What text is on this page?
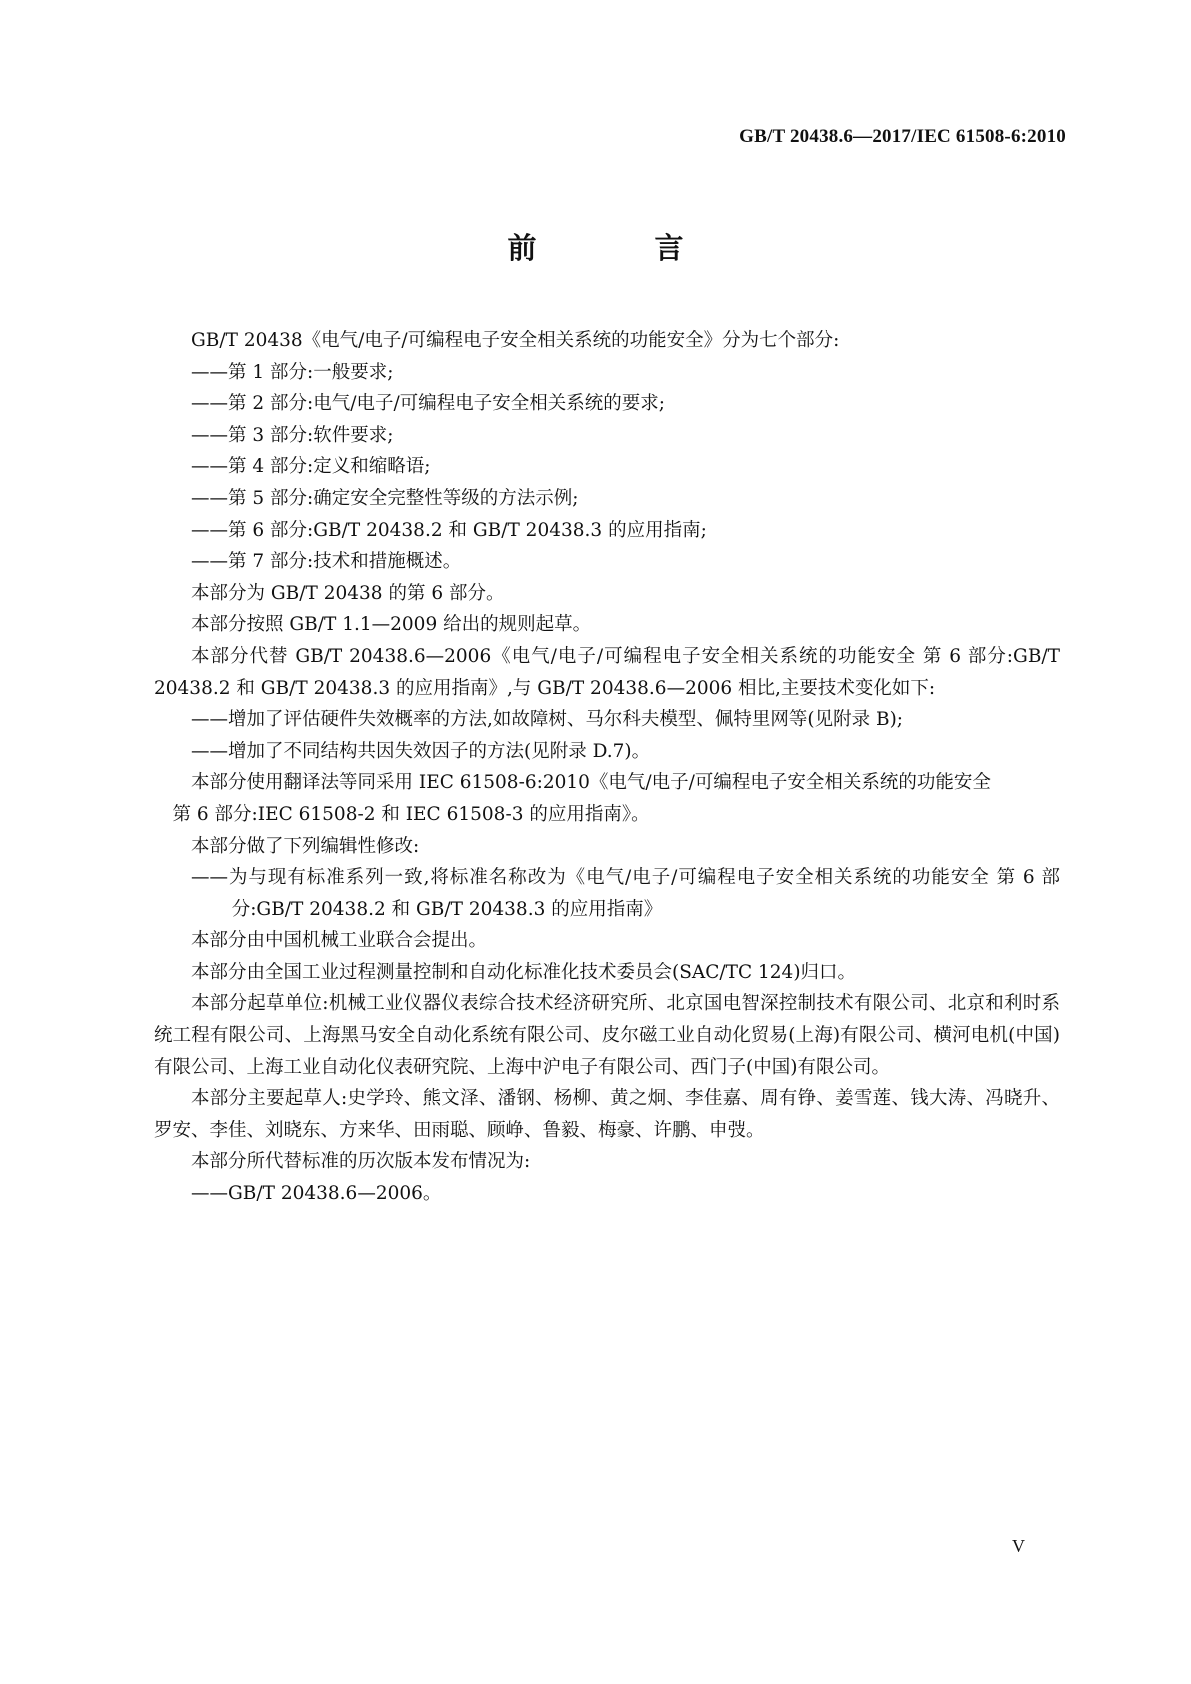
GB/T 20438.6—2017/IEC 61508-6:2010
前 言

GB/T 20438《电气/电子/可编程电子安全相关系统的功能安全》分为七个部分:

——第 1 部分:一般要求;

——第 2 部分:电气/电子/可编程电子安全相关系统的要求;

——第 3 部分:软件要求;

——第 4 部分:定义和缩略语;

——第 5 部分:确定安全完整性等级的方法示例;

——第 6 部分:GB/T 20438.2 和 GB/T 20438.3 的应用指南;

——第 7 部分:技术和措施概述。

本部分为 GB/T 20438 的第 6 部分。

本部分按照 GB/T 1.1—2009 给出的规则起草。

本部分代替 GB/T 20438.6—2006《电气/电子/可编程电子安全相关系统的功能安全 第 6 部分:GB/T 20438.2 和 GB/T 20438.3 的应用指南》,与 GB/T 20438.6—2006 相比,主要技术变化如下:

——增加了评估硬件失效概率的方法,如故障树、马尔科夫模型、佩特里网等(见附录 B);

——增加了不同结构共因失效因子的方法(见附录 D.7)。

本部分使用翻译法等同采用 IEC 61508-6:2010《电气/电子/可编程电子安全相关系统的功能安全

第 6 部分:IEC 61508-2 和 IEC 61508-3 的应用指南》。

本部分做了下列编辑性修改:

——为与现有标准系列一致,将标准名称改为《电气/电子/可编程电子安全相关系统的功能安全 第 6 部分:GB/T 20438.2 和 GB/T 20438.3 的应用指南》

本部分由中国机械工业联合会提出。

本部分由全国工业过程测量控制和自动化标准化技术委员会(SAC/TC 124)归口。

本部分起草单位:机械工业仪器仪表综合技术经济研究所、北京国电智深控制技术有限公司、北京和利时系统工程有限公司、上海黑马安全自动化系统有限公司、皮尔磁工业自动化贸易(上海)有限公司、横河电机(中国)有限公司、上海工业自动化仪表研究院、上海中沪电子有限公司、西门子(中国)有限公司。

本部分主要起草人:史学玲、熊文泽、潘钢、杨柳、黄之炯、李佳嘉、周有铮、姜雪莲、钱大涛、冯晓升、罗安、李佳、刘晓东、方来华、田雨聪、顾峥、鲁毅、梅豪、许鹏、申弢。

本部分所代替标准的历次版本发布情况为:

——GB/T 20438.6—2006。

V
